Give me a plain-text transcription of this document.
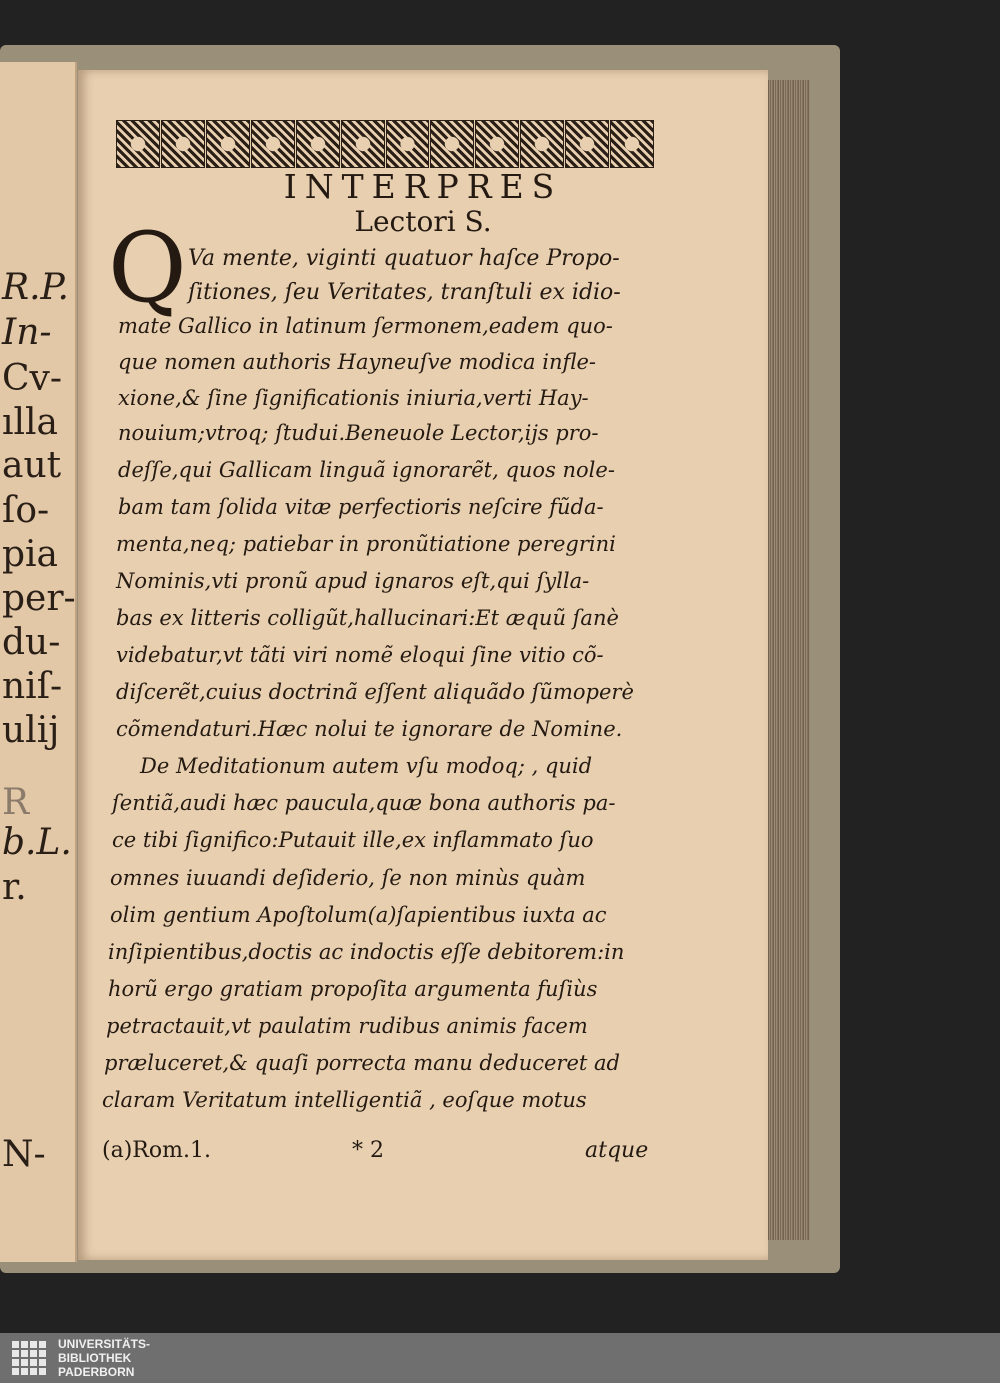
R.P.
In-
Cv-
ılla
aut
ſo-
pia
per-
du-
niſ-
ulij
R
b.L.
r.
N-
INTERPRES
Lectori S.
Q Va mente, viginti quatuor haſce Propo-
ſitiones, ſeu Veritates, tranſtuli ex idio-
mate Gallico in latinum ſermonem,eadem quo-
que nomen authoris Hayneuſve modica infle-
xione,& ſine ſignificationis iniuria,verti Hay-
nouium;vtroq; ſtudui.Beneuole Lector,ijs pro-
deſſe,qui Gallicam linguã ignorarẽt, quos nole-
bam tam ſolida vitæ perfectioris neſcire fũda-
menta,neq; patiebar in pronũtiatione peregrini
Nominis,vti pronũ apud ignaros eſt,qui ſylla-
bas ex litteris colligũt,hallucinari:Et æquũ ſanè
videbatur,vt tãti viri nomẽ eloqui ſine vitio cõ-
diſcerẽt,cuius doctrinã eſſent aliquãdo ſũmoperè
cõmendaturi.Hæc nolui te ignorare de Nomine.
De Meditationum autem vſu modoq; , quid
ſentiã,audi hæc paucula,quæ bona authoris pa-
ce tibi ſignifico:Putauit ille,ex inflammato ſuo
omnes iuuandi deſiderio, ſe non minùs quàm
olim gentium Apoſtolum(a)ſapientibus iuxta ac
inſipientibus,doctis ac indoctis eſſe debitorem:in
horũ ergo gratiam propoſita argumenta fuſiùs
petractauit,vt paulatim rudibus animis facem
præluceret,& quaſi porrecta manu deduceret ad
claram Veritatum intelligentiã , eoſque motus
(a)Rom.1.	* 2	atque
UNIVERSITÄTS-
BIBLIOTHEK
PADERBORN
